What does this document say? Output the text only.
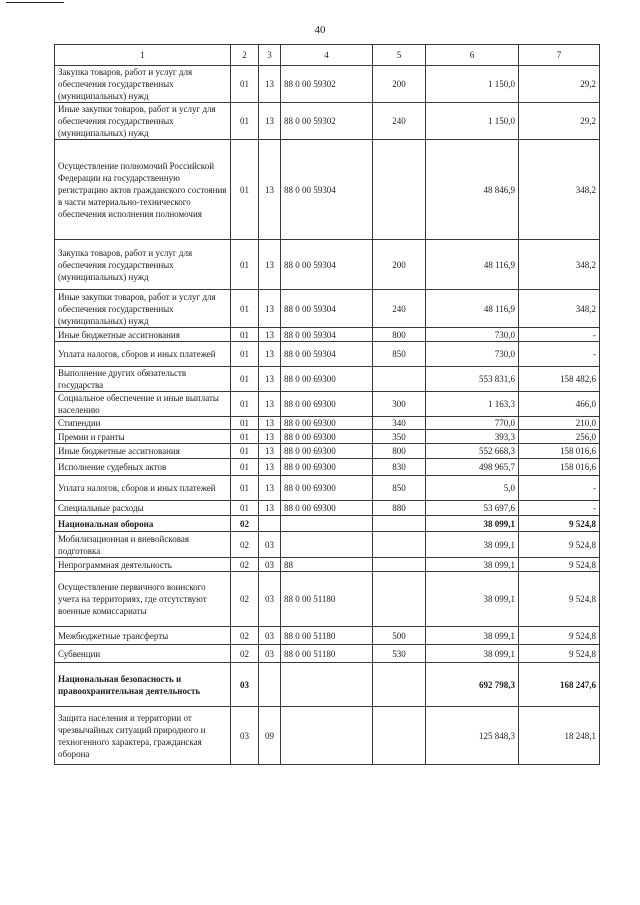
40
1	2	3	4	5	6	7
Закупка товаров, работ и услуг для обеспечения государственных (муниципальных) нужд	01	13	88 0 00 59302	200	1 150,0	29,2
Иные закупки товаров, работ и услуг для обеспечения государственных (муниципальных) нужд	01	13	88 0 00 59302	240	1 150,0	29,2
Осуществление полномочий Российской Федерации на государственную регистрацию актов гражданского состояния в части материально-технического обеспечения исполнения полномочия	01	13	88 0 00 59304		48 846,9	348,2
Закупка товаров, работ и услуг для обеспечения государственных (муниципальных) нужд	01	13	88 0 00 59304	200	48 116,9	348,2
Иные закупки товаров, работ и услуг для обеспечения государственных (муниципальных) нужд	01	13	88 0 00 59304	240	48 116,9	348,2
Иные бюджетные ассигнования	01	13	88 0 00 59304	800	730,0	-
Уплата налогов, сборов и иных платежей	01	13	88 0 00 59304	850	730,0	-
Выполнение других обязательств государства	01	13	88 0 00 69300		553 831,6	158 482,6
Социальное обеспечение и иные выплаты населению	01	13	88 0 00 69300	300	1 163,3	466,0
Стипендии	01	13	88 0 00 69300	340	770,0	210,0
Премии и гранты	01	13	88 0 00 69300	350	393,3	256,0
Иные бюджетные ассигнования	01	13	88 0 00 69300	800	552 668,3	158 016,6
Исполнение судебных актов	01	13	88 0 00 69300	830	498 965,7	158 016,6
Уплата налогов, сборов и иных платежей	01	13	88 0 00 69300	850	5,0	-
Специальные расходы	01	13	88 0 00 69300	880	53 697,6	-
Национальная оборона	02				38 099,1	9 524,8
Мобилизационная и вневойсковая подготовка	02	03			38 099,1	9 524,8
Непрограммная деятельность	02	03	88		38 099,1	9 524,8
Осуществление первичного воинского учета на территориях, где отсутствуют военные комиссариаты	02	03	88 0 00 51180		38 099,1	9 524,8
Межбюджетные трансферты	02	03	88 0 00 51180	500	38 099,1	9 524,8
Субвенции	02	03	88 0 00 51180	530	38 099,1	9 524,8
Национальная безопасность и правоохранительная деятельность	03				692 798,3	168 247,6
Защита населения и территории от чрезвычайных ситуаций природного и техногенного характера, гражданская оборона	03	09			125 848,3	18 248,1
